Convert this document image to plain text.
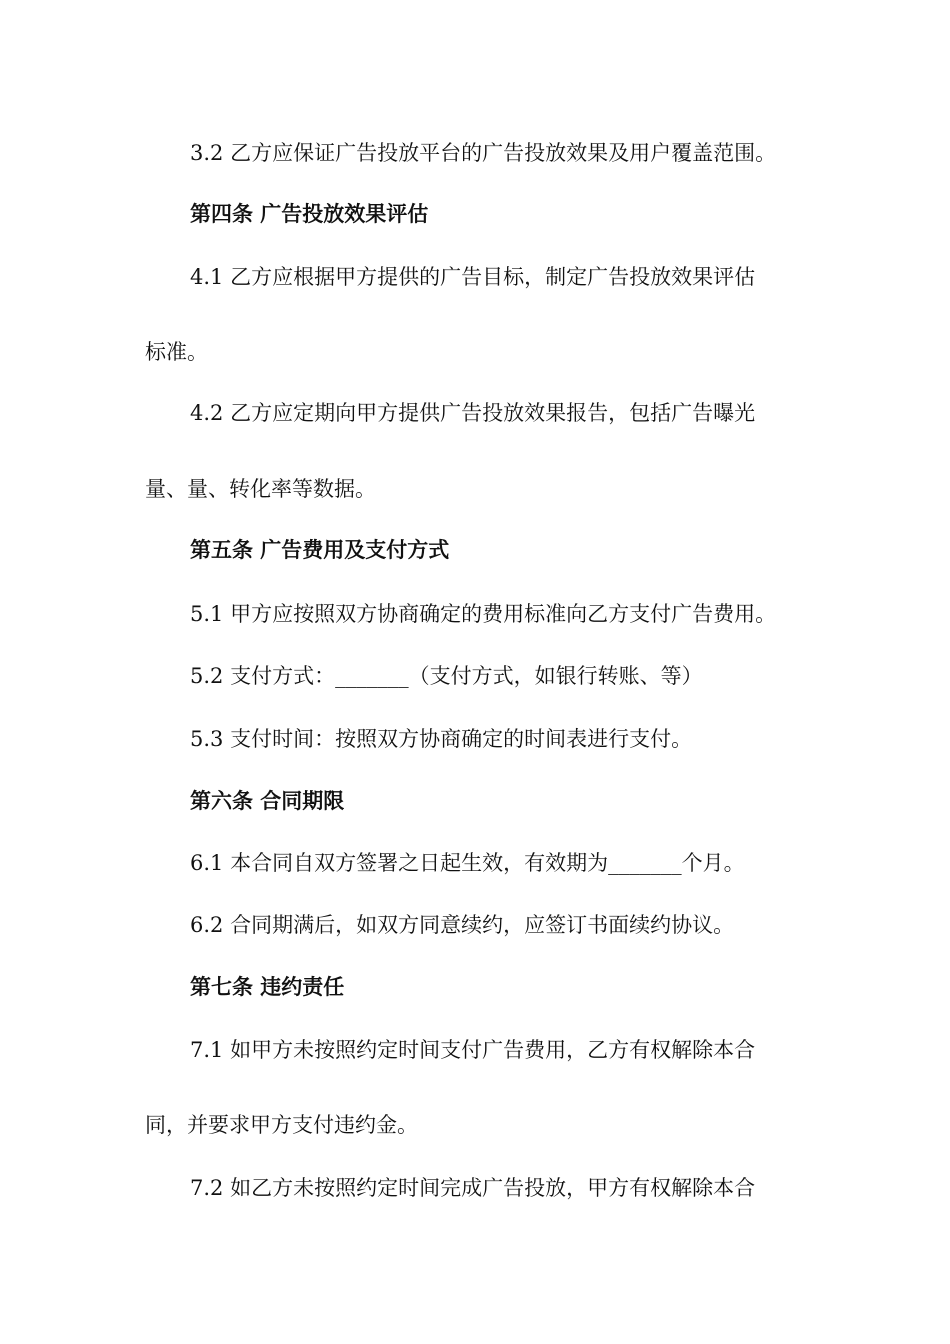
3.2 乙方应保证广告投放平台的广告投放效果及用户覆盖范围。
第四条 广告投放效果评估
4.1 乙方应根据甲方提供的广告目标，制定广告投放效果评估
标准。
4.2 乙方应定期向甲方提供广告投放效果报告，包括广告曝光
量、量、转化率等数据。
第五条 广告费用及支付方式
5.1 甲方应按照双方协商确定的费用标准向乙方支付广告费用。
5.2 支付方式：_______（支付方式，如银行转账、等）
5.3 支付时间：按照双方协商确定的时间表进行支付。
第六条 合同期限
6.1 本合同自双方签署之日起生效，有效期为_______个月。
6.2 合同期满后，如双方同意续约，应签订书面续约协议。
第七条 违约责任
7.1 如甲方未按照约定时间支付广告费用，乙方有权解除本合
同，并要求甲方支付违约金。
7.2 如乙方未按照约定时间完成广告投放，甲方有权解除本合
